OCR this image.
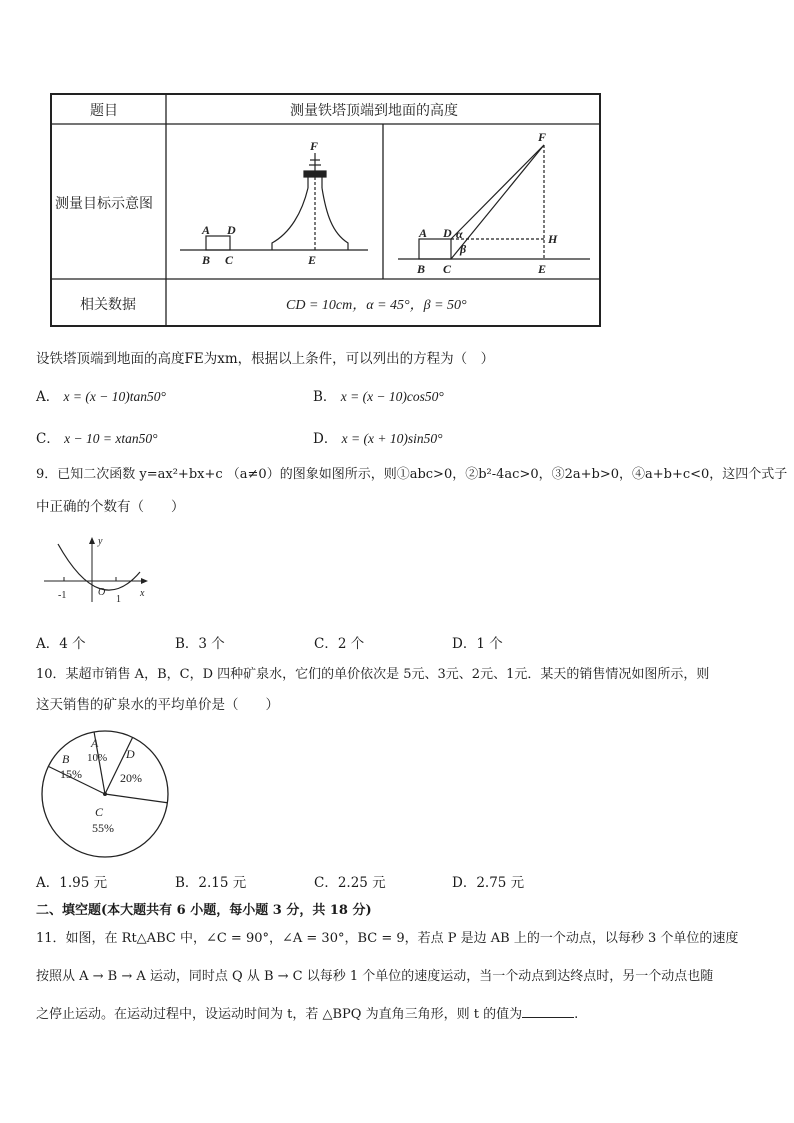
A D
B C	E
F
A D α
β
B C	E
F
H
题目	测量铁塔顶端到地面的高度
测量目标示意图
相关数据	CD = 10cm，α = 45°，β = 50°
设铁塔顶端到地面的高度FE为xm，根据以上条件，可以列出的方程为（　）
A． x = (x − 10)tan50°	B． x = (x − 10)cos50°
C． x − 10 = xtan50°	D． x = (x + 10)sin50°
9．已知二次函数 y=ax²+bx+c （a≠0）的图象如图所示，则①abc>0，②b²-4ac>0，③2a+b>0，④a+b+c<0，这四个式子
中正确的个数有（　　）
y
x
O
-1	1
A．4 个	B．3 个	C．2 个	D．1 个
10．某超市销售 A，B，C，D 四种矿泉水，它们的单价依次是 5元、3元、2元、1元．某天的销售情况如图所示，则
这天销售的矿泉水的平均单价是（　　）
A
10%
B
15%
D
20%
C
55%
A．1.95 元	B．2.15 元	C．2.25 元	D．2.75 元
二、填空题(本大题共有 6 小题，每小题 3 分，共 18 分)
11．如图，在 Rt△ABC 中，∠C = 90°，∠A = 30°，BC = 9，若点 P 是边 AB 上的一个动点，以每秒 3 个单位的速度
按照从 A → B → A 运动，同时点 Q 从 B → C 以每秒 1 个单位的速度运动，当一个动点到达终点时，另一个动点也随
之停止运动。在运动过程中，设运动时间为 t，若 △BPQ 为直角三角形，则 t 的值为	.
